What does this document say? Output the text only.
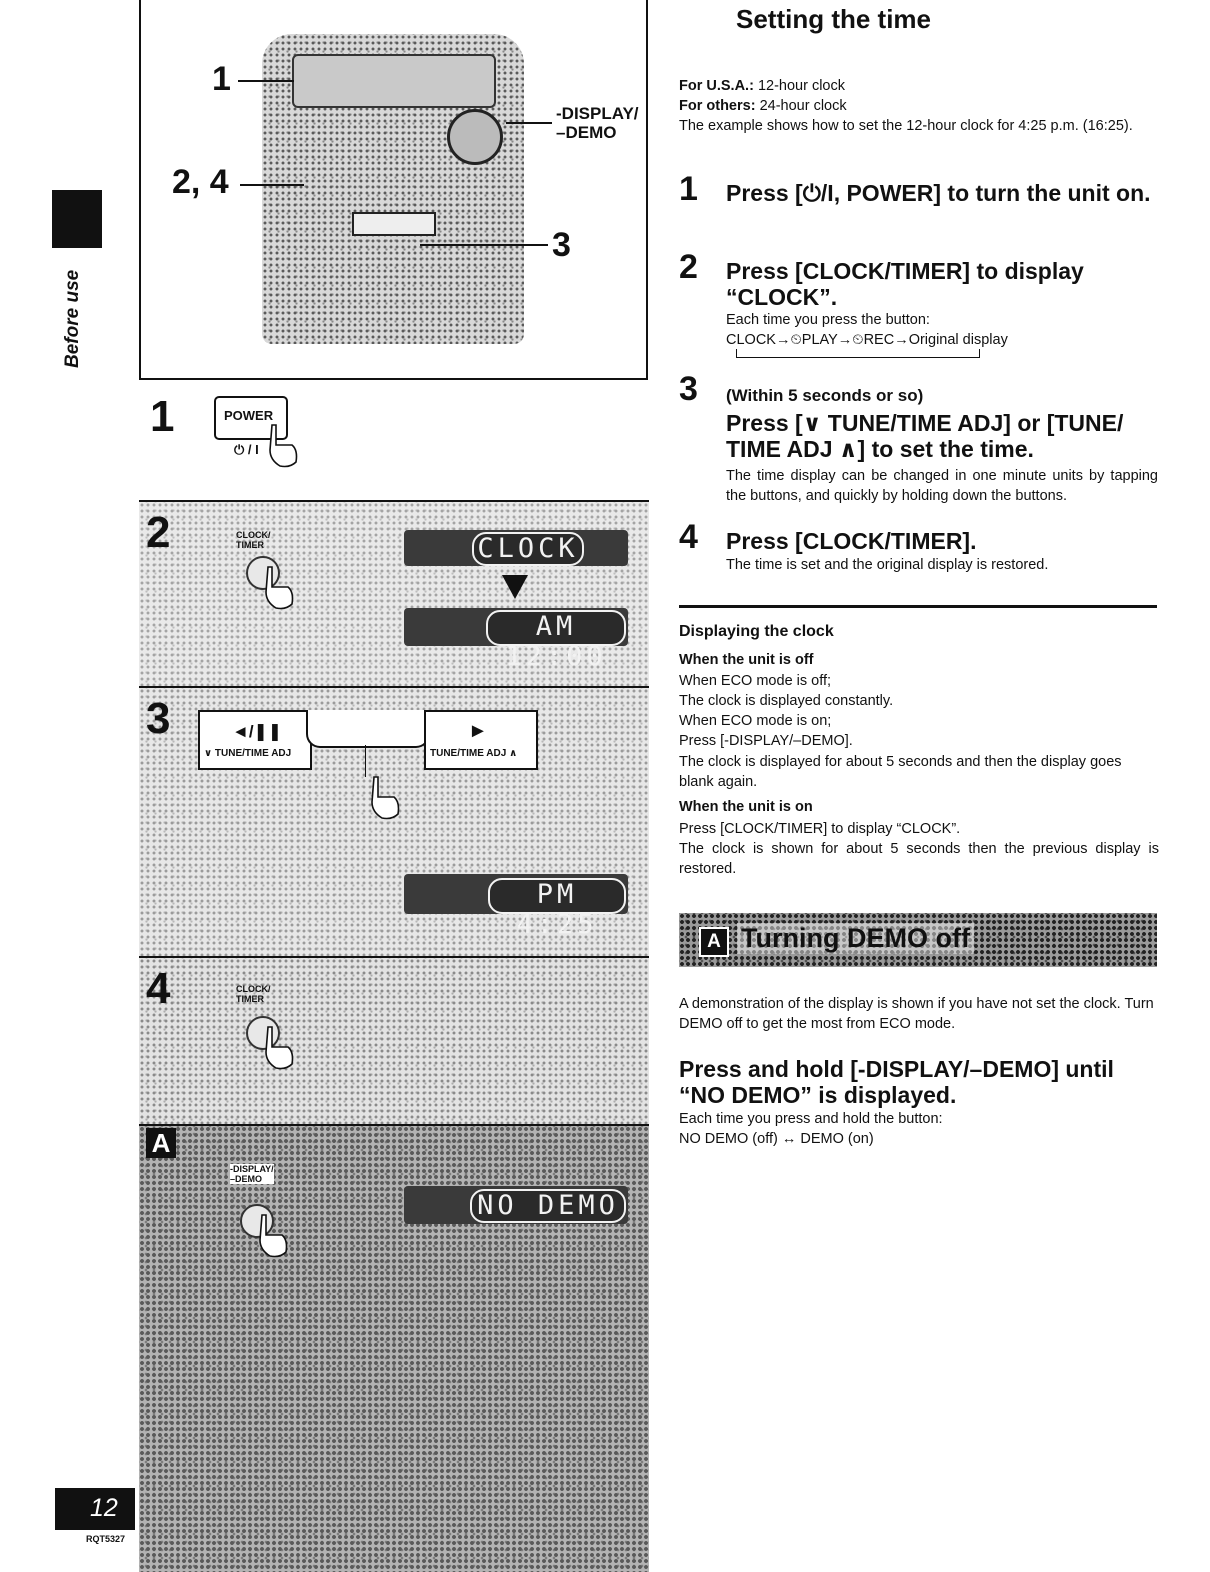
Before use
12
RQT5327
1
2, 4
3
-DISPLAY/
–DEMO
1	POWER
⏻ / I
2	CLOCK/
TIMER	CLOCK
AM 12:00
3	◄/❚❚
∨ TUNE/TIME ADJ
►
TUNE/TIME ADJ ∧
PM 4:25
4	CLOCK/
TIMER
A
-DISPLAY/
–DEMO
NO DEMO
Setting the time
For U.S.A.: 12-hour clock
For others: 24-hour clock
The example shows how to set the 12-hour clock for 4:25 p.m. (16:25).
1 Press [⏻/I, POWER] to turn the unit on.
2 Press [CLOCK/TIMER] to display “CLOCK”.
Each time you press the button:
CLOCK→⏲PLAY→⏲REC→Original display
3 (Within 5 seconds or so)
Press [∨ TUNE/TIME ADJ] or [TUNE/ TIME ADJ ∧] to set the time.
The time display can be changed in one minute units by tapping the buttons, and quickly by holding down the buttons.
4 Press [CLOCK/TIMER].
The time is set and the original display is restored.
Displaying the clock
When the unit is off
When ECO mode is off;
The clock is displayed constantly.
When ECO mode is on;
Press [-DISPLAY/–DEMO].
The clock is displayed for about 5 seconds and then the display goes blank again.
When the unit is on
Press [CLOCK/TIMER] to display “CLOCK”.
The clock is shown for about 5 seconds then the previous display is restored.
A Turning DEMO off
A demonstration of the display is shown if you have not set the clock. Turn DEMO off to get the most from ECO mode.
Press and hold [-DISPLAY/–DEMO] until “NO DEMO” is displayed.
Each time you press and hold the button:
NO DEMO (off) ↔ DEMO (on)
